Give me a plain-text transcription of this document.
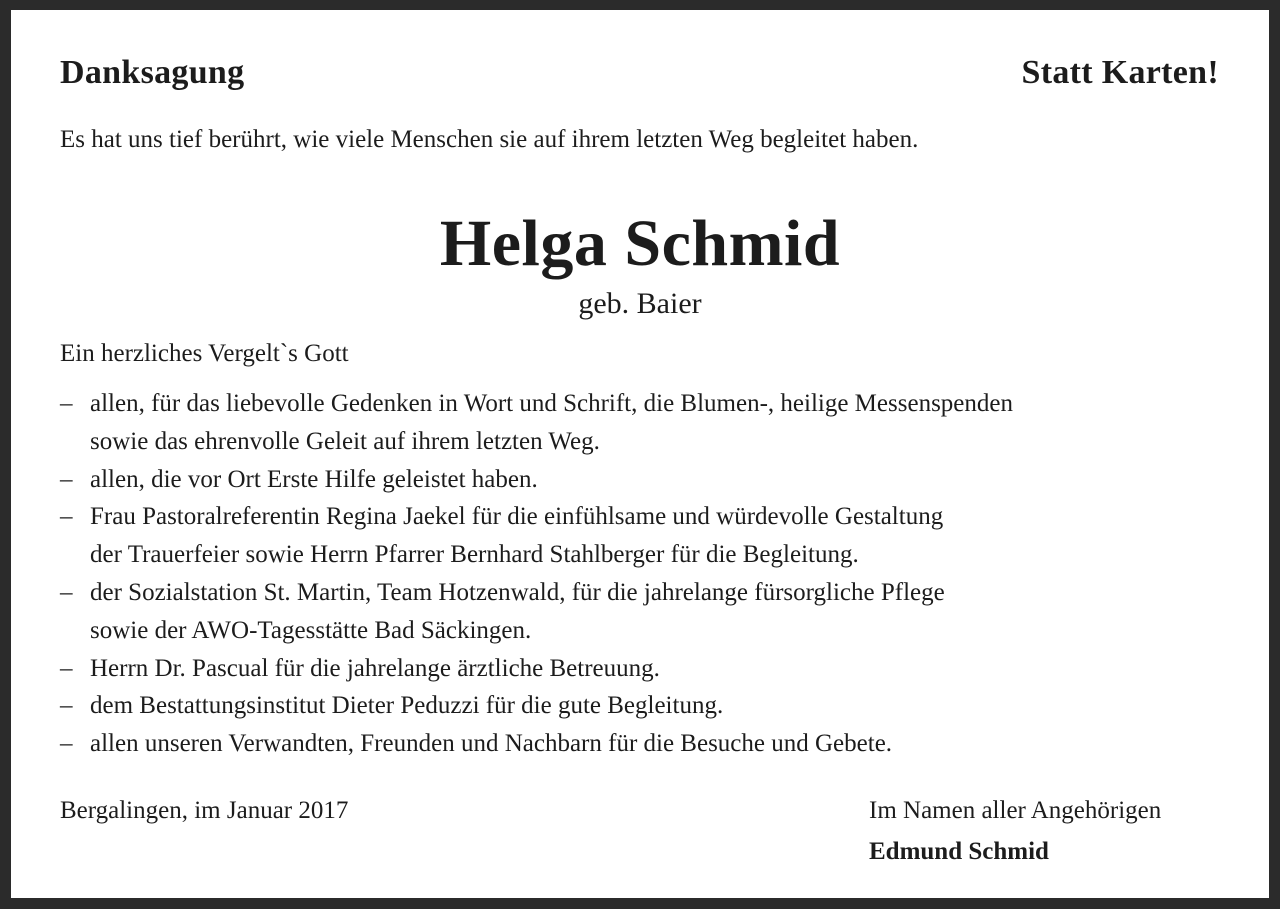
Danksagung	Statt Karten!
Es hat uns tief berührt, wie viele Menschen sie auf ihrem letzten Weg begleitet haben.
Helga Schmid
geb. Baier
Ein herzliches Vergelt`s Gott
– allen, für das liebevolle Gedenken in Wort und Schrift, die Blumen-, heilige Messenspenden
sowie das ehrenvolle Geleit auf ihrem letzten Weg.
– allen, die vor Ort Erste Hilfe geleistet haben.
– Frau Pastoralreferentin Regina Jaekel für die einfühlsame und würdevolle Gestaltung
der Trauerfeier sowie Herrn Pfarrer Bernhard Stahlberger für die Begleitung.
– der Sozialstation St. Martin, Team Hotzenwald, für die jahrelange fürsorgliche Pflege
sowie der AWO-Tagesstätte Bad Säckingen.
– Herrn Dr. Pascual für die jahrelange ärztliche Betreuung.
– dem Bestattungsinstitut Dieter Peduzzi für die gute Begleitung.
– allen unseren Verwandten, Freunden und Nachbarn für die Besuche und Gebete.
Bergalingen, im Januar 2017	Im Namen aller Angehörigen
Edmund Schmid
